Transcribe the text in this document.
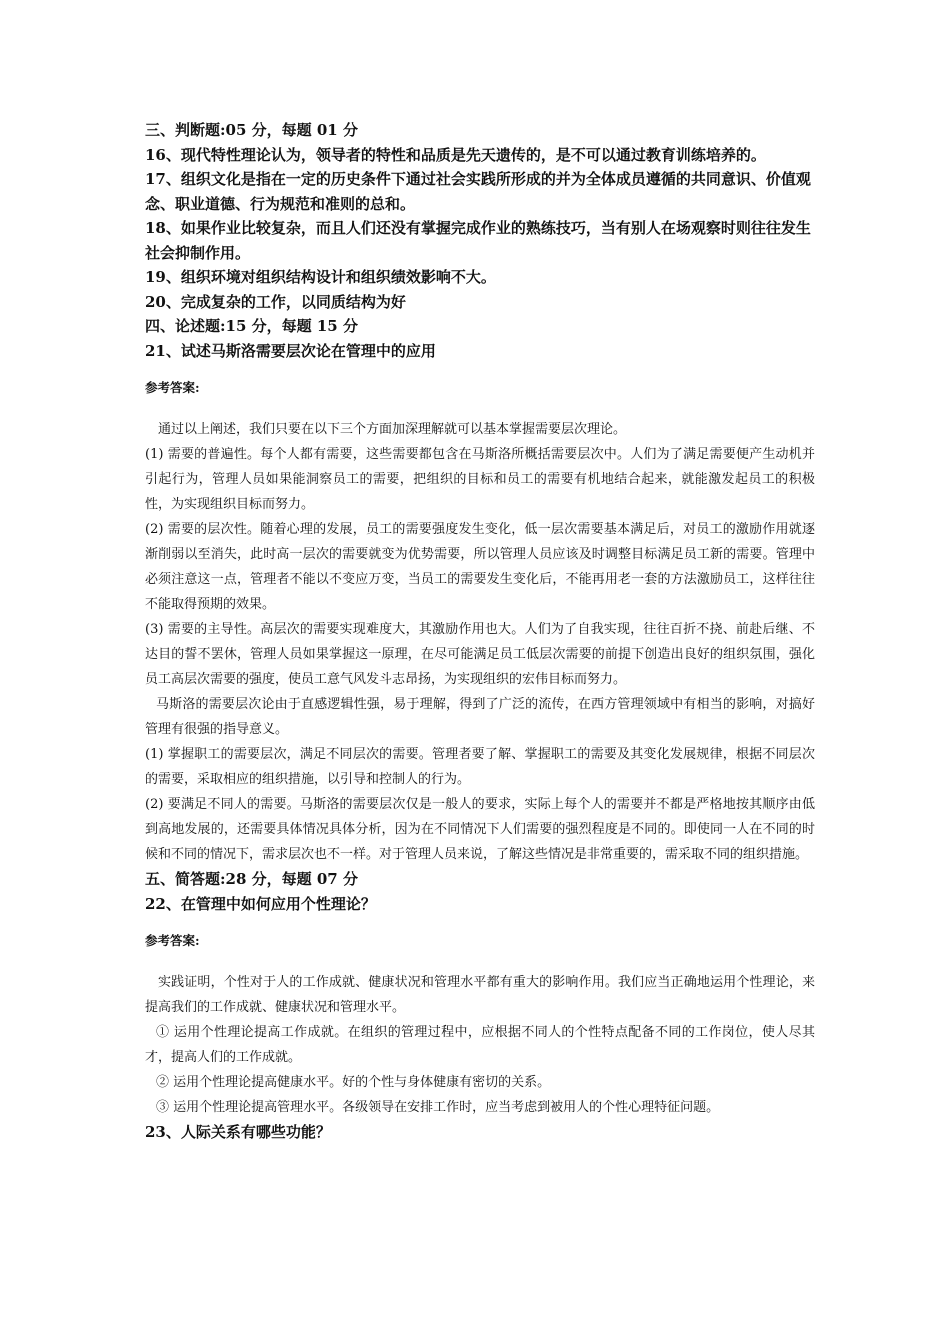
三、判断题:05 分，每题 01 分

16、现代特性理论认为，领导者的特性和品质是先天遗传的，是不可以通过教育训练培养的。

17、组织文化是指在一定的历史条件下通过社会实践所形成的并为全体成员遵循的共同意识、价值观念、职业道德、行为规范和准则的总和。

18、如果作业比较复杂，而且人们还没有掌握完成作业的熟练技巧，当有别人在场观察时则往往发生社会抑制作用。

19、组织环境对组织结构设计和组织绩效影响不大。

20、完成复杂的工作，以同质结构为好

四、论述题:15 分，每题 15 分

21、试述马斯洛需要层次论在管理中的应用

参考答案:

通过以上阐述，我们只要在以下三个方面加深理解就可以基本掌握需要层次理论。

(1) 需要的普遍性。每个人都有需要，这些需要都包含在马斯洛所概括需要层次中。人们为了满足需要便产生动机并引起行为，管理人员如果能洞察员工的需要，把组织的目标和员工的需要有机地结合起来，就能激发起员工的积极性，为实现组织目标而努力。

(2) 需要的层次性。随着心理的发展，员工的需要强度发生变化，低一层次需要基本满足后，对员工的激励作用就逐渐削弱以至消失，此时高一层次的需要就变为优势需要，所以管理人员应该及时调整目标满足员工新的需要。管理中必须注意这一点，管理者不能以不变应万变，当员工的需要发生变化后，不能再用老一套的方法激励员工，这样往往不能取得预期的效果。

(3) 需要的主导性。高层次的需要实现难度大，其激励作用也大。人们为了自我实现，往往百折不挠、前赴后继、不达目的誓不罢休，管理人员如果掌握这一原理，在尽可能满足员工低层次需要的前提下创造出良好的组织氛围，强化员工高层次需要的强度，使员工意气风发斗志昂扬，为实现组织的宏伟目标而努力。

马斯洛的需要层次论由于直感逻辑性强，易于理解，得到了广泛的流传，在西方管理领域中有相当的影响，对搞好管理有很强的指导意义。

(1) 掌握职工的需要层次，满足不同层次的需要。管理者要了解、掌握职工的需要及其变化发展规律，根据不同层次的需要，采取相应的组织措施，以引导和控制人的行为。

(2) 要满足不同人的需要。马斯洛的需要层次仅是一般人的要求，实际上每个人的需要并不都是严格地按其顺序由低到高地发展的，还需要具体情况具体分析，因为在不同情况下人们需要的强烈程度是不同的。即使同一人在不同的时候和不同的情况下，需求层次也不一样。对于管理人员来说，了解这些情况是非常重要的，需采取不同的组织措施。

五、简答题:28 分，每题 07 分

22、在管理中如何应用个性理论？

参考答案:

实践证明，个性对于人的工作成就、健康状况和管理水平都有重大的影响作用。我们应当正确地运用个性理论，来提高我们的工作成就、健康状况和管理水平。

① 运用个性理论提高工作成就。在组织的管理过程中，应根据不同人的个性特点配备不同的工作岗位，使人尽其才，提高人们的工作成就。

② 运用个性理论提高健康水平。好的个性与身体健康有密切的关系。

③ 运用个性理论提高管理水平。各级领导在安排工作时，应当考虑到被用人的个性心理特征问题。

23、人际关系有哪些功能？
